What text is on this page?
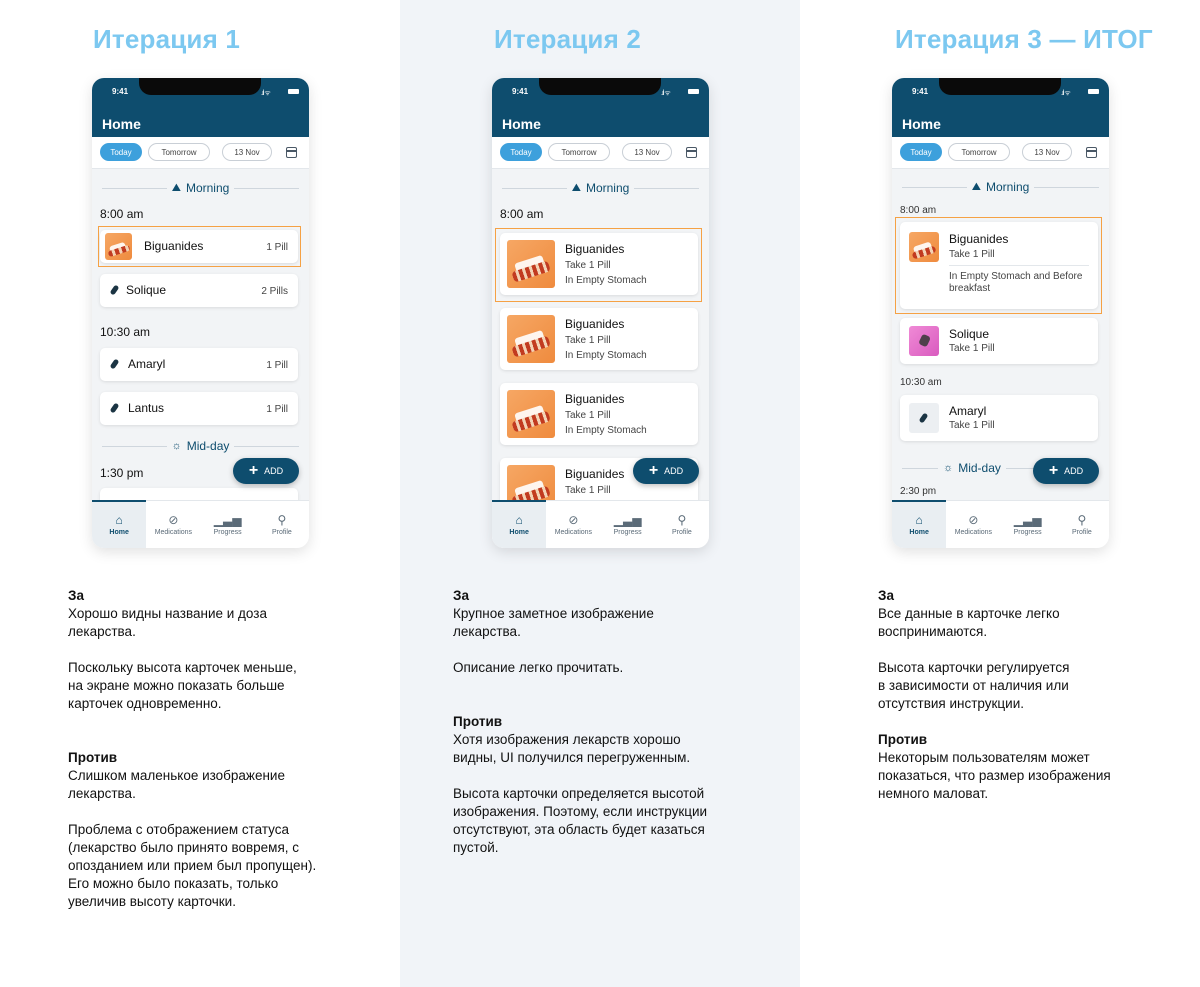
Итерация 1
9:41	.ıl ᯤ
Home
Today	Tomorrow	13 Nov
⛰ Morning
8:00 am
Biguanides	1 Pill
Solique	2 Pills
10:30 am
Amaryl	1 Pill
Lantus	1 Pill
☼ Mid-day
1:30 pm	+ ADD
⌂
Home
⊘
Medications
▁▃▅
Progress
⚲
Profile
За

Хорошо видны название и доза
лекарства.

Поскольку высота карточек меньше,
на экране можно показать больше
карточек одновременно.

Против

Слишком маленькое изображение
лекарства.

Проблема с отображением статуса
(лекарство было принято вовремя, с
опозданием или прием был пропущен).
Его можно было показать, только
увеличив высоту карточки.

Итерация 2
9:41	.ıl ᯤ
Home
Today	Tomorrow	13 Nov
⛰ Morning
8:00 am
Biguanides
Take 1 Pill
In Empty Stomach
Biguanides
Take 1 Pill
In Empty Stomach
Biguanides
Take 1 Pill
In Empty Stomach
Biguanides
Take 1 Pill
+ ADD
⌂
Home
⊘
Medications
▁▃▅
Progress
⚲
Profile
За

Крупное заметное изображение
лекарства.

Описание легко прочитать.

Против

Хотя изображения лекарств хорошо
видны, UI получился перегруженным.

Высота карточки определяется высотой
изображения. Поэтому, если инструкции
отсутствуют, эта область будет казаться
пустой.

Итерация 3 — ИТОГ
9:41	.ıl ᯤ
Home
Today	Tomorrow	13 Nov
⛰ Morning
8:00 am
Biguanides
Take 1 Pill
In Empty Stomach and Before
breakfast
Solique
Take 1 Pill
10:30 am
Amaryl
Take 1 Pill
☼ Mid-day
2:30 pm
+ ADD
⌂
Home
⊘
Medications
▁▃▅
Progress
⚲
Profile
За

Все данные в карточке легко
воспринимаются.

Высота карточки регулируется
в зависимости от наличия или
отсутствия инструкции.

Против

Некоторым пользователям может
показаться, что размер изображения
немного маловат.
